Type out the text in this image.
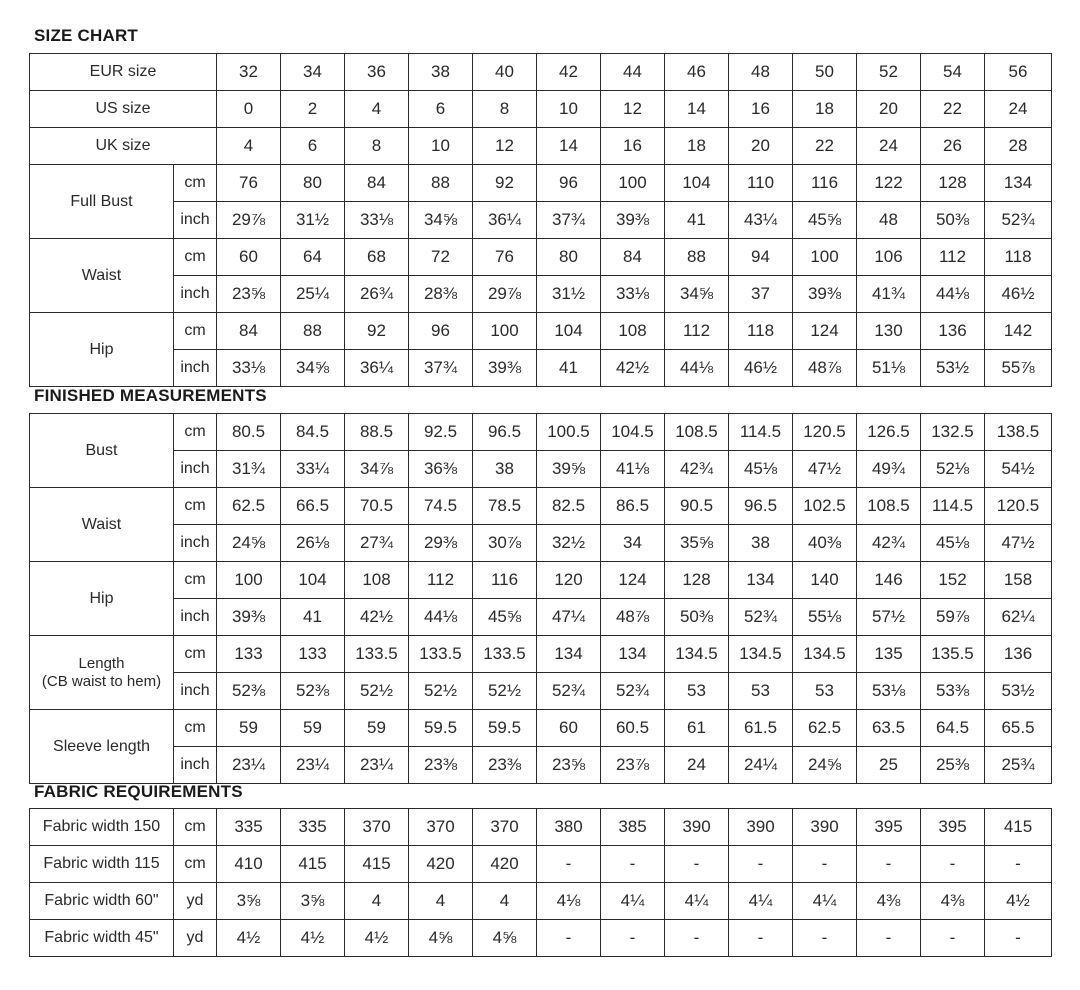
SIZE CHART
EUR size		32	34	36	38	40	42	44	46	48	50	52	54	56
US size		0	2	4	6	8	10	12	14	16	18	20	22	24
UK size		4	6	8	10	12	14	16	18	20	22	24	26	28
Full Bust	cm	76	80	84	88	92	96	100	104	110	116	122	128	134
	inch	29⅞	31½	33⅛	34⅝	36¼	37¾	39⅜	41	43¼	45⅝	48	50⅜	52¾
Waist	cm	60	64	68	72	76	80	84	88	94	100	106	112	118
	inch	23⅝	25¼	26¾	28⅜	29⅞	31½	33⅛	34⅝	37	39⅜	41¾	44⅛	46½
Hip	cm	84	88	92	96	100	104	108	112	118	124	130	136	142
	inch	33⅛	34⅝	36¼	37¾	39⅜	41	42½	44⅛	46½	48⅞	51⅛	53½	55⅞
FINISHED MEASUREMENTS
Bust	cm	80.5	84.5	88.5	92.5	96.5	100.5	104.5	108.5	114.5	120.5	126.5	132.5	138.5
	inch	31¾	33¼	34⅞	36⅜	38	39⅝	41⅛	42¾	45⅛	47½	49¾	52⅛	54½
Waist	cm	62.5	66.5	70.5	74.5	78.5	82.5	86.5	90.5	96.5	102.5	108.5	114.5	120.5
	inch	24⅝	26⅛	27¾	29⅜	30⅞	32½	34	35⅝	38	40⅜	42¾	45⅛	47½
Hip	cm	100	104	108	112	116	120	124	128	134	140	146	152	158
	inch	39⅜	41	42½	44⅛	45⅝	47¼	48⅞	50⅜	52¾	55⅛	57½	59⅞	62¼
Length
(CB waist to hem)	cm	133	133	133.5	133.5	133.5	134	134	134.5	134.5	134.5	135	135.5	136
	inch	52⅜	52⅜	52½	52½	52½	52¾	52¾	53	53	53	53⅛	53⅜	53½
Sleeve length	cm	59	59	59	59.5	59.5	60	60.5	61	61.5	62.5	63.5	64.5	65.5
	inch	23¼	23¼	23¼	23⅜	23⅜	23⅝	23⅞	24	24¼	24⅝	25	25⅜	25¾
FABRIC REQUIREMENTS
Fabric width 150	cm	335	335	370	370	370	380	385	390	390	390	395	395	415
Fabric width 115	cm	410	415	415	420	420	-	-	-	-	-	-	-	-
Fabric width 60"	yd	3⅝	3⅝	4	4	4	4⅛	4¼	4¼	4¼	4¼	4⅜	4⅜	4½
Fabric width 45"	yd	4½	4½	4½	4⅝	4⅝	-	-	-	-	-	-	-	-
